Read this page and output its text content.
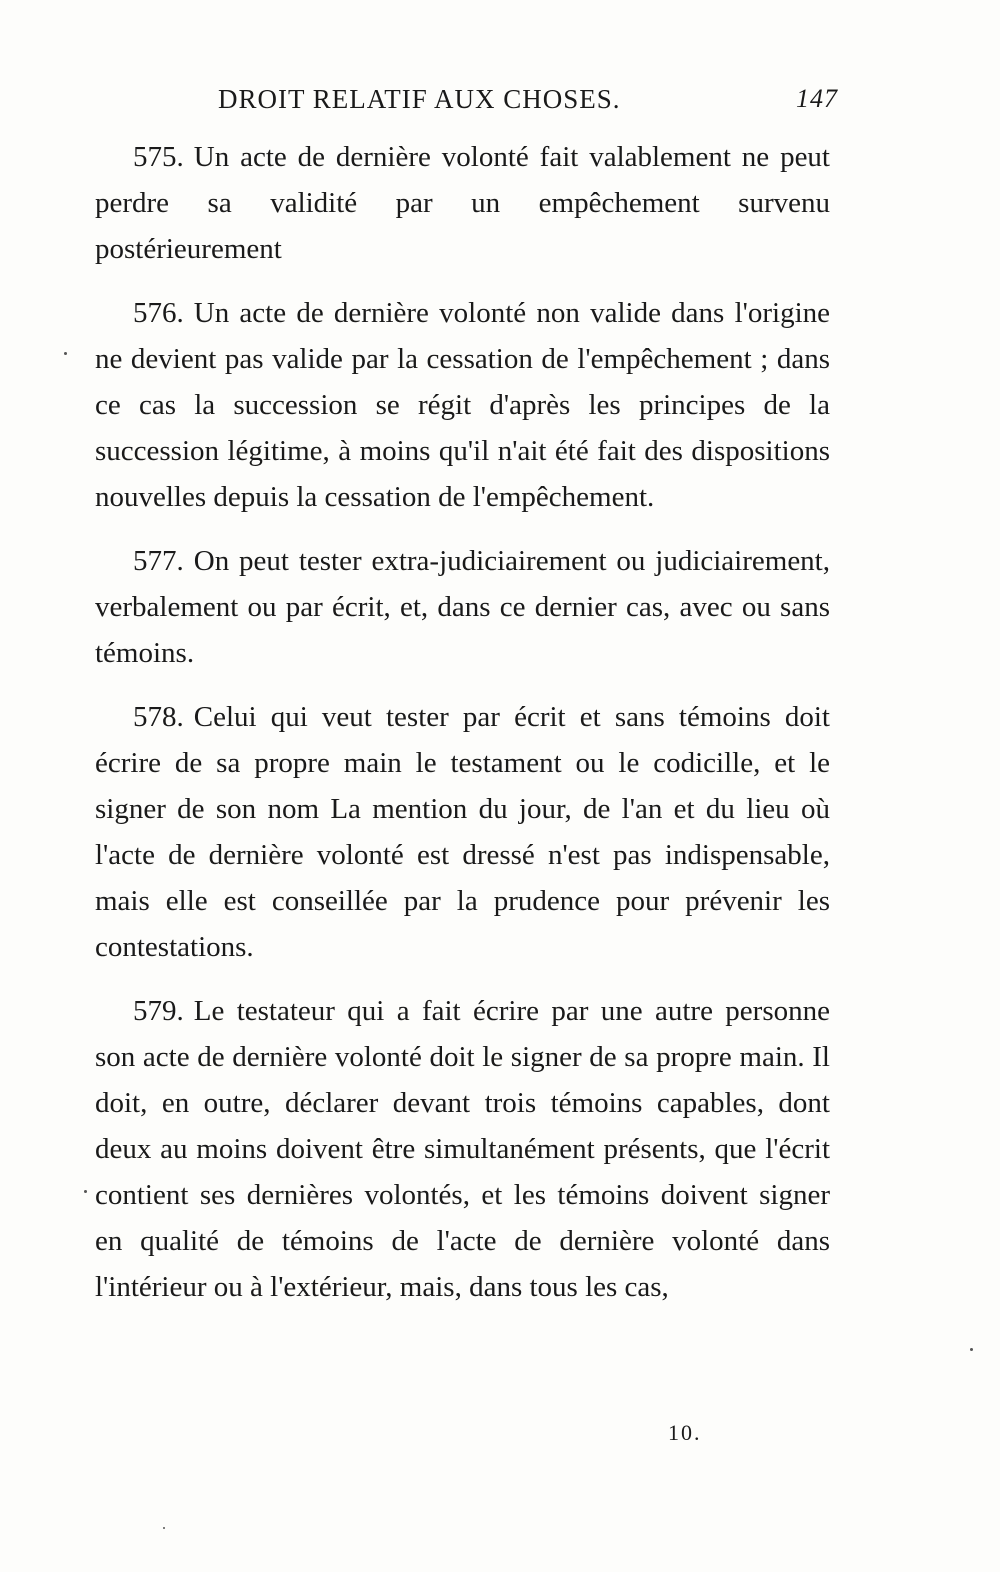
DROIT RELATIF AUX CHOSES.	147

575. Un acte de dernière volonté fait valablement ne peut perdre sa validité par un empêchement survenu postérieurement

576. Un acte de dernière volonté non valide dans l'origine ne devient pas valide par la cessation de l'empêchement ; dans ce cas la succession se régit d'après les principes de la succession légitime, à moins qu'il n'ait été fait des dispositions nouvelles depuis la cessation de l'empêchement.

577. On peut tester extra-judiciairement ou judiciairement, verbalement ou par écrit, et, dans ce dernier cas, avec ou sans témoins.

578. Celui qui veut tester par écrit et sans témoins doit écrire de sa propre main le testament ou le codicille, et le signer de son nom La mention du jour, de l'an et du lieu où l'acte de dernière volonté est dressé n'est pas indispensable, mais elle est conseillée par la prudence pour prévenir les contestations.

579. Le testateur qui a fait écrire par une autre personne son acte de dernière volonté doit le signer de sa propre main. Il doit, en outre, déclarer devant trois témoins capables, dont deux au moins doivent être simultanément présents, que l'écrit contient ses dernières volontés, et les témoins doivent signer en qualité de témoins de l'acte de dernière volonté dans l'intérieur ou à l'extérieur, mais, dans tous les cas,

10.
